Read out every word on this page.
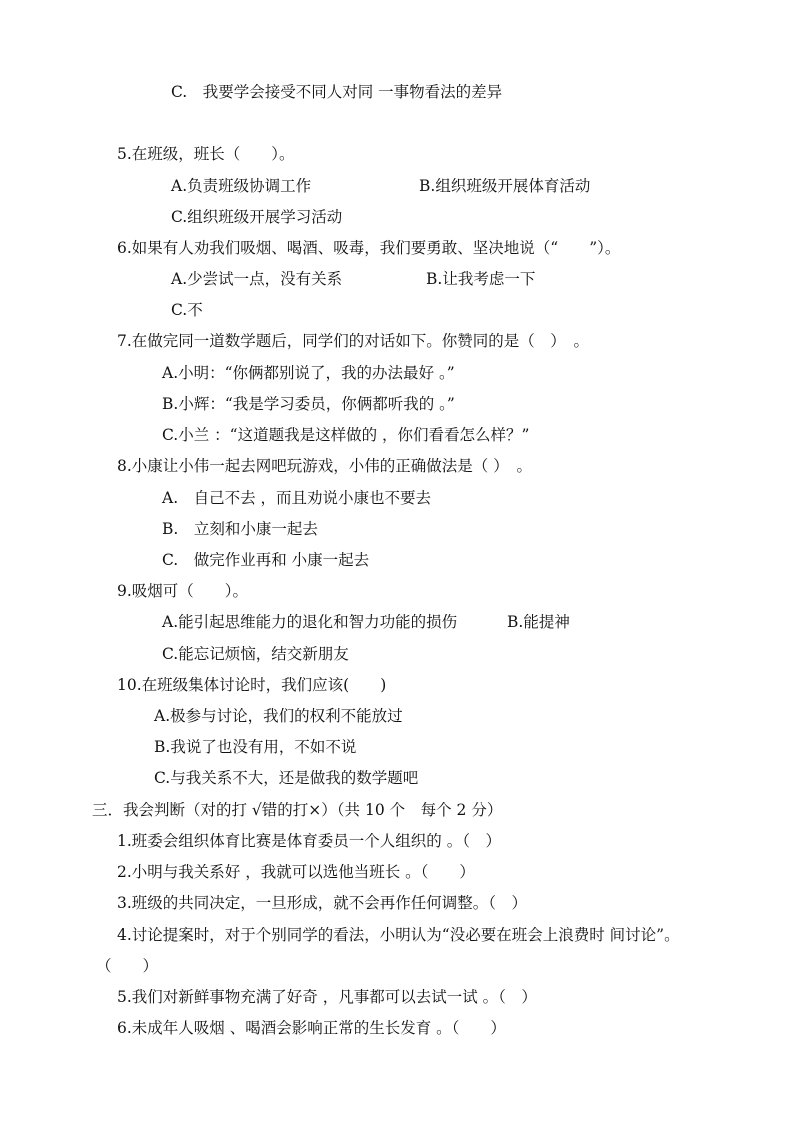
C.　我要学会接受不同人对同 一事物看法的差异
5.在班级，班长（　　）。
A.负责班级协调工作	B.组织班级开展体育活动
C.组织班级开展学习活动
6.如果有人劝我们吸烟、喝酒、吸毒，我们要勇敢、坚决地说（“　　”）。
A.少尝试一点，没有关系	B.让我考虑一下
C.不
7.在做完同一道数学题后，同学们的对话如下。你赞同的是（　）　。
A.小明：“你俩都别说了，我的办法最好 。”
B.小辉：“我是学习委员，你俩都听我的 。”
C.小兰 ：“这道题我是这样做的 ，你们看看怎么样？”
8.小康让小伟一起去网吧玩游戏，小伟的正确做法是（ ）　。
A.　自己不去 ，而且劝说小康也不要去
B.　立刻和小康一起去
C.　做完作业再和 小康一起去
9.吸烟可（　　）。
A.能引起思维能力的退化和智力功能的损伤	B.能提神
C.能忘记烦恼，结交新朋友
10.在班级集体讨论时，我们应该(　　)
A.极参与讨论，我们的权利不能放过
B.我说了也没有用，不如不说
C.与我关系不大，还是做我的数学题吧
三．我会判断（对的打 √错的打×）（共 10 个　每个 2 分）
1.班委会组织体育比赛是体育委员一个人组织的 。（　）
2.小明与我关系好 ，我就可以选他当班长 。（　　）
3.班级的共同决定，一旦形成，就不会再作任何调整。（　）
4.讨论提案时，对于个别同学的看法，小明认为“没必要在班会上浪费时 间讨论”。
（　　）
5.我们对新鲜事物充满了好奇 ，凡事都可以去试一试 。（　）
6.未成年人吸烟 、喝酒会影响正常的生长发育 。（　　）
